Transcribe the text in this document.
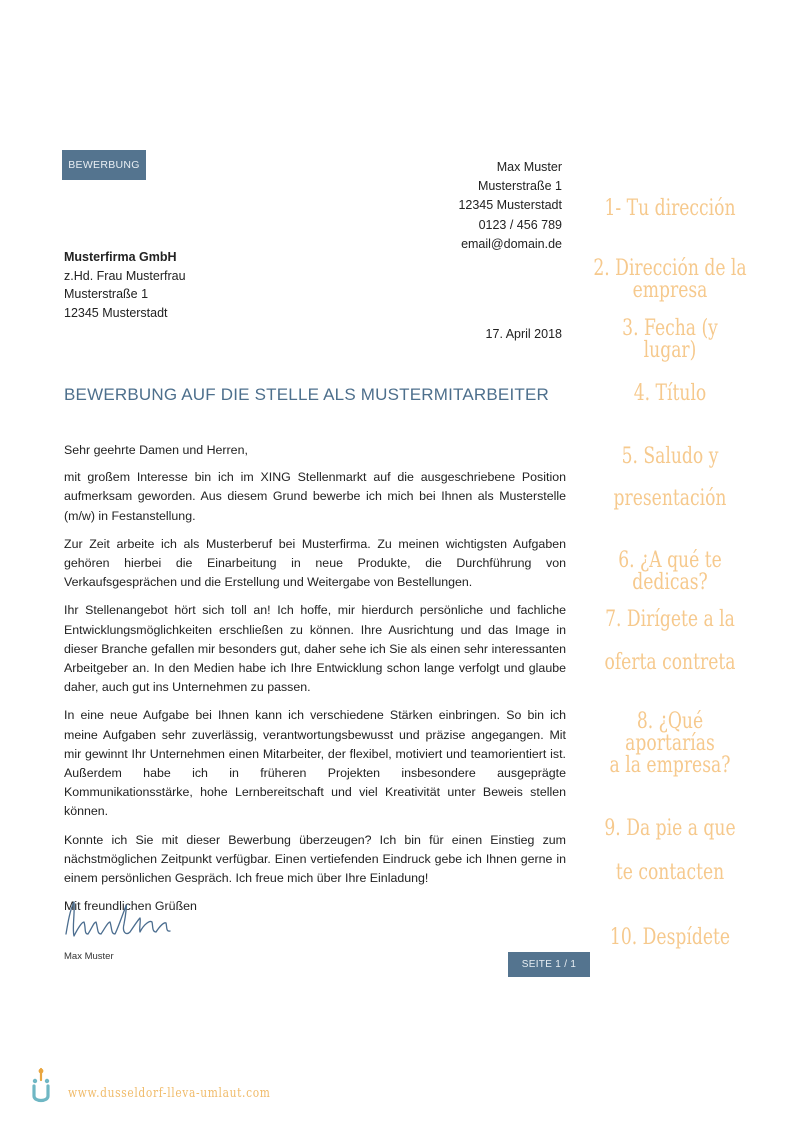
BEWERBUNG	Max Muster
Musterstraße 1
12345 Musterstadt
0123 / 456 789
email@domain.de
Musterfirma GmbH
z.Hd. Frau Musterfrau
Musterstraße 1
12345 Musterstadt
17. April 2018
BEWERBUNG AUF DIE STELLE ALS MUSTERMITARBEITER

Sehr geehrte Damen und Herren,

mit großem Interesse bin ich im XING Stellenmarkt auf die ausgeschriebene Position aufmerksam geworden. Aus diesem Grund bewerbe ich mich bei Ihnen als Musterstelle (m/w) in Festanstellung.

Zur Zeit arbeite ich als Musterberuf bei Musterfirma. Zu meinen wichtigsten Aufgaben gehören hierbei die Einarbeitung in neue Produkte, die Durchführung von Verkaufsgesprächen und die Erstellung und Weitergabe von Bestellungen.

Ihr Stellenangebot hört sich toll an! Ich hoffe, mir hierdurch persönliche und fachliche Entwicklungsmöglichkeiten erschließen zu können. Ihre Ausrichtung und das Image in dieser Branche gefallen mir besonders gut, daher sehe ich Sie als einen sehr interessanten Arbeitgeber an. In den Medien habe ich Ihre Entwicklung schon lange verfolgt und glaube daher, auch gut ins Unternehmen zu passen.

In eine neue Aufgabe bei Ihnen kann ich verschiedene Stärken einbringen. So bin ich meine Aufgaben sehr zuverlässig, verantwortungsbewusst und präzise angegangen. Mit mir gewinnt Ihr Unternehmen einen Mitarbeiter, der flexibel, motiviert und teamorientiert ist. Außerdem habe ich in früheren Projekten insbesondere ausgeprägte Kommunikationsstärke, hohe Lernbereitschaft und viel Kreativität unter Beweis stellen können.

Konnte ich Sie mit dieser Bewerbung überzeugen? Ich bin für einen Einstieg zum nächstmöglichen Zeitpunkt verfügbar. Einen vertiefenden Eindruck gebe ich Ihnen gerne in einem persönlichen Gespräch. Ich freue mich über Ihre Einladung!

Mit freundlichen Grüßen

Max Muster
SEITE 1 / 1
1- Tu dirección
2. Dirección de la empresa
3. Fecha (y lugar)
4. Título
5. Saludo y
presentación
6. ¿A qué te dedicas?
7. Dirígete a la
oferta contreta
8. ¿Qué aportarías
a la empresa?
9. Da pie a que
te contacten
10. Despídete
www.dusseldorf-lleva-umlaut.com
